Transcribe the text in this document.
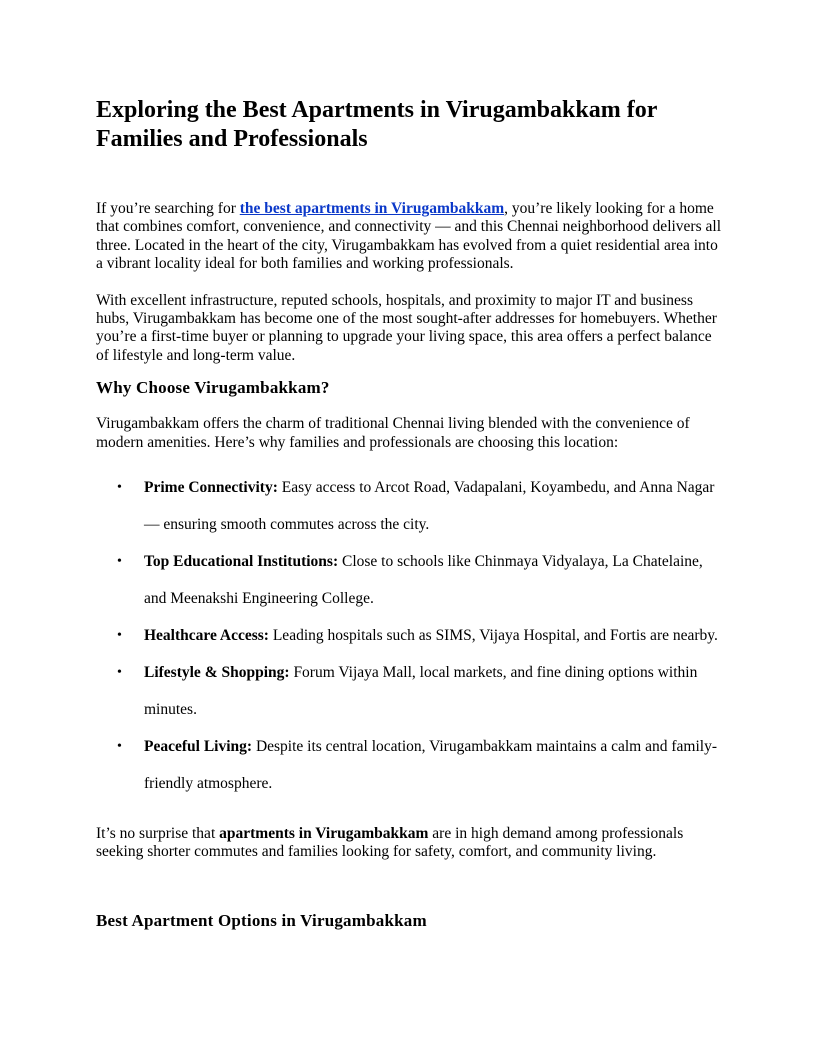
Exploring the Best Apartments in Virugambakkam for Families and Professionals

If you’re searching for the best apartments in Virugambakkam, you’re likely looking for a home that combines comfort, convenience, and connectivity — and this Chennai neighborhood delivers all three. Located in the heart of the city, Virugambakkam has evolved from a quiet residential area into a vibrant locality ideal for both families and working professionals.

With excellent infrastructure, reputed schools, hospitals, and proximity to major IT and business hubs, Virugambakkam has become one of the most sought-after addresses for homebuyers. Whether you’re a first-time buyer or planning to upgrade your living space, this area offers a perfect balance of lifestyle and long-term value.

Why Choose Virugambakkam?

Virugambakkam offers the charm of traditional Chennai living blended with the convenience of modern amenities. Here’s why families and professionals are choosing this location:

• Prime Connectivity: Easy access to Arcot Road, Vadapalani, Koyambedu, and Anna Nagar — ensuring smooth commutes across the city.
• Top Educational Institutions: Close to schools like Chinmaya Vidyalaya, La Chatelaine, and Meenakshi Engineering College.
• Healthcare Access: Leading hospitals such as SIMS, Vijaya Hospital, and Fortis are nearby.
• Lifestyle & Shopping: Forum Vijaya Mall, local markets, and fine dining options within minutes.
• Peaceful Living: Despite its central location, Virugambakkam maintains a calm and family-friendly atmosphere.

It’s no surprise that apartments in Virugambakkam are in high demand among professionals seeking shorter commutes and families looking for safety, comfort, and community living.

Best Apartment Options in Virugambakkam
